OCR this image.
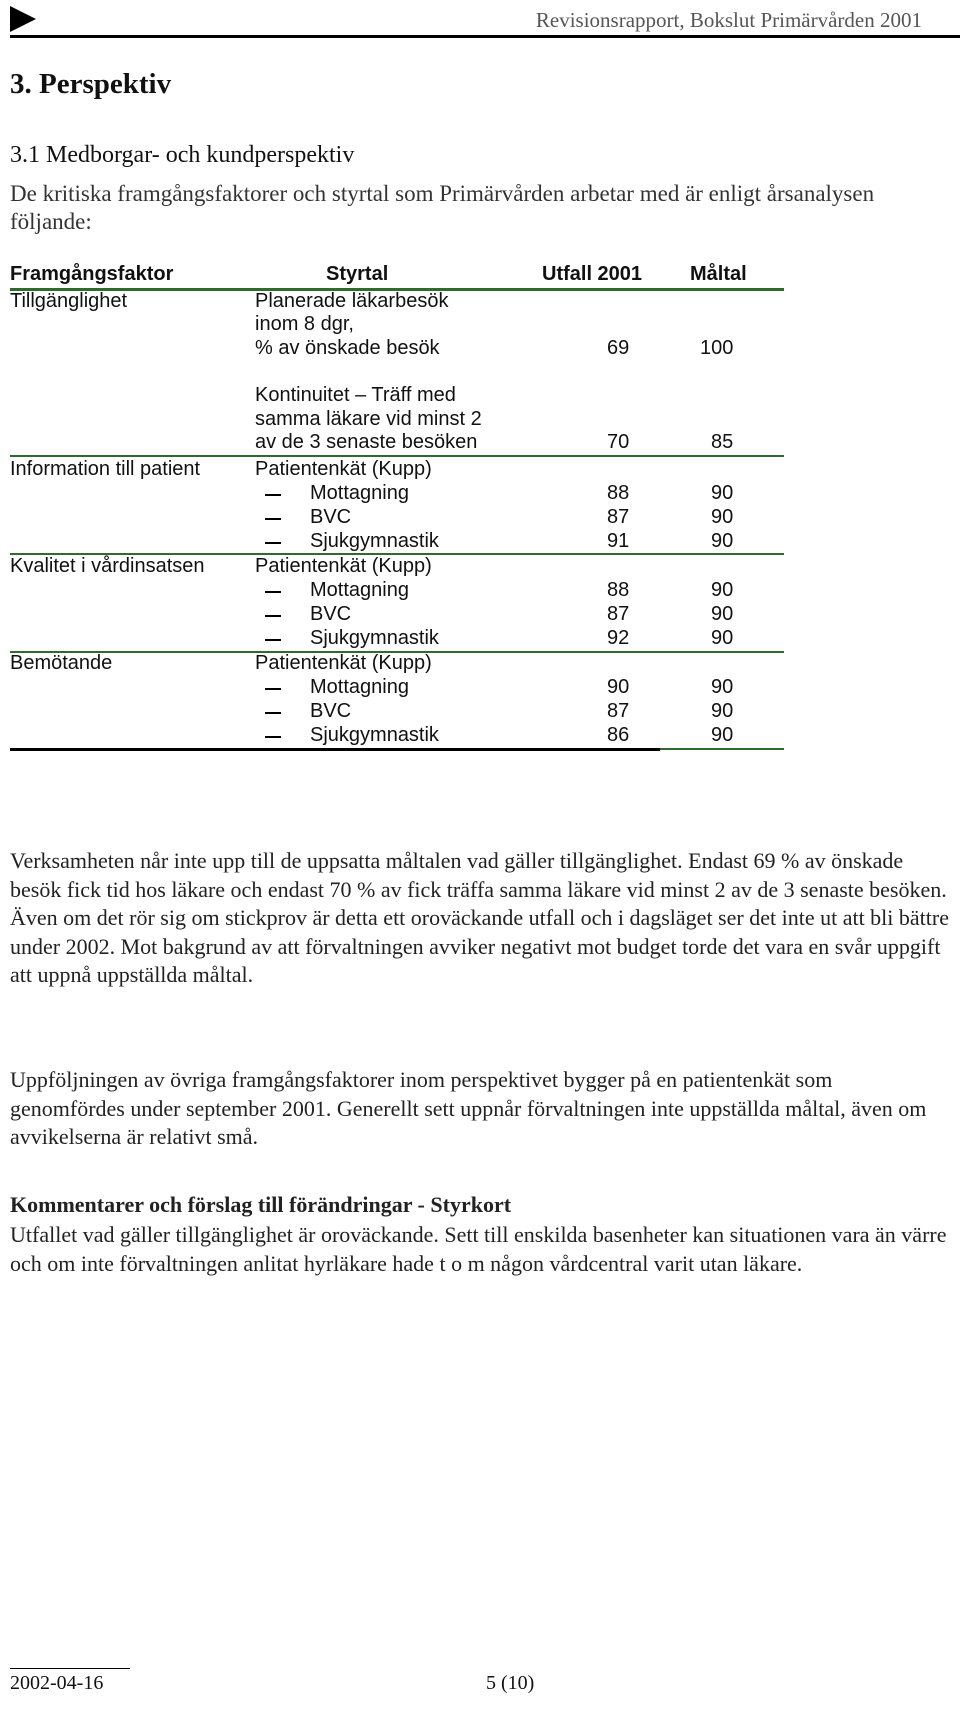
Revisionsrapport, Bokslut Primärvården 2001
3. Perspektiv
3.1 Medborgar- och kundperspektiv
De kritiska framgångsfaktorer och styrtal som Primärvården arbetar med är enligt årsanalysen följande:
Framgångsfaktor	Styrtal	Utfall 2001 Måltal
Tillgänglighet	Planerade läkarbesök
inom 8 dgr,
% av önskade besök	69	100
Kontinuitet – Träff med
samma läkare vid minst 2
av de 3 senaste besöken	70	85
Information till patient	Patientenkät (Kupp)
Mottagning	88	90
BVC	87	90
Sjukgymnastik	91	90
Kvalitet i vårdinsatsen	Patientenkät (Kupp)
Mottagning	88	90
BVC	87	90
Sjukgymnastik	92	90
Bemötande	Patientenkät (Kupp)
Mottagning	90	90
BVC	87	90
Sjukgymnastik	86	90
Verksamheten når inte upp till de uppsatta måltalen vad gäller tillgänglighet. Endast 69 % av önskade besök fick tid hos läkare och endast 70 % av fick träffa samma läkare vid minst 2 av de 3 senaste besöken. Även om det rör sig om stickprov är detta ett oroväckande utfall och i dagsläget ser det inte ut att bli bättre under 2002. Mot bakgrund av att förvaltningen avviker negativt mot budget torde det vara en svår uppgift att uppnå uppställda måltal.
Uppföljningen av övriga framgångsfaktorer inom perspektivet bygger på en patientenkät som genomfördes under september 2001. Generellt sett uppnår förvaltningen inte uppställda måltal, även om avvikelserna är relativt små.
Kommentarer och förslag till förändringar - Styrkort
Utfallet vad gäller tillgänglighet är oroväckande. Sett till enskilda basenheter kan situationen vara än värre och om inte förvaltningen anlitat hyrläkare hade t o m någon vårdcentral varit utan läkare.
2002-04-16	5 (10)
